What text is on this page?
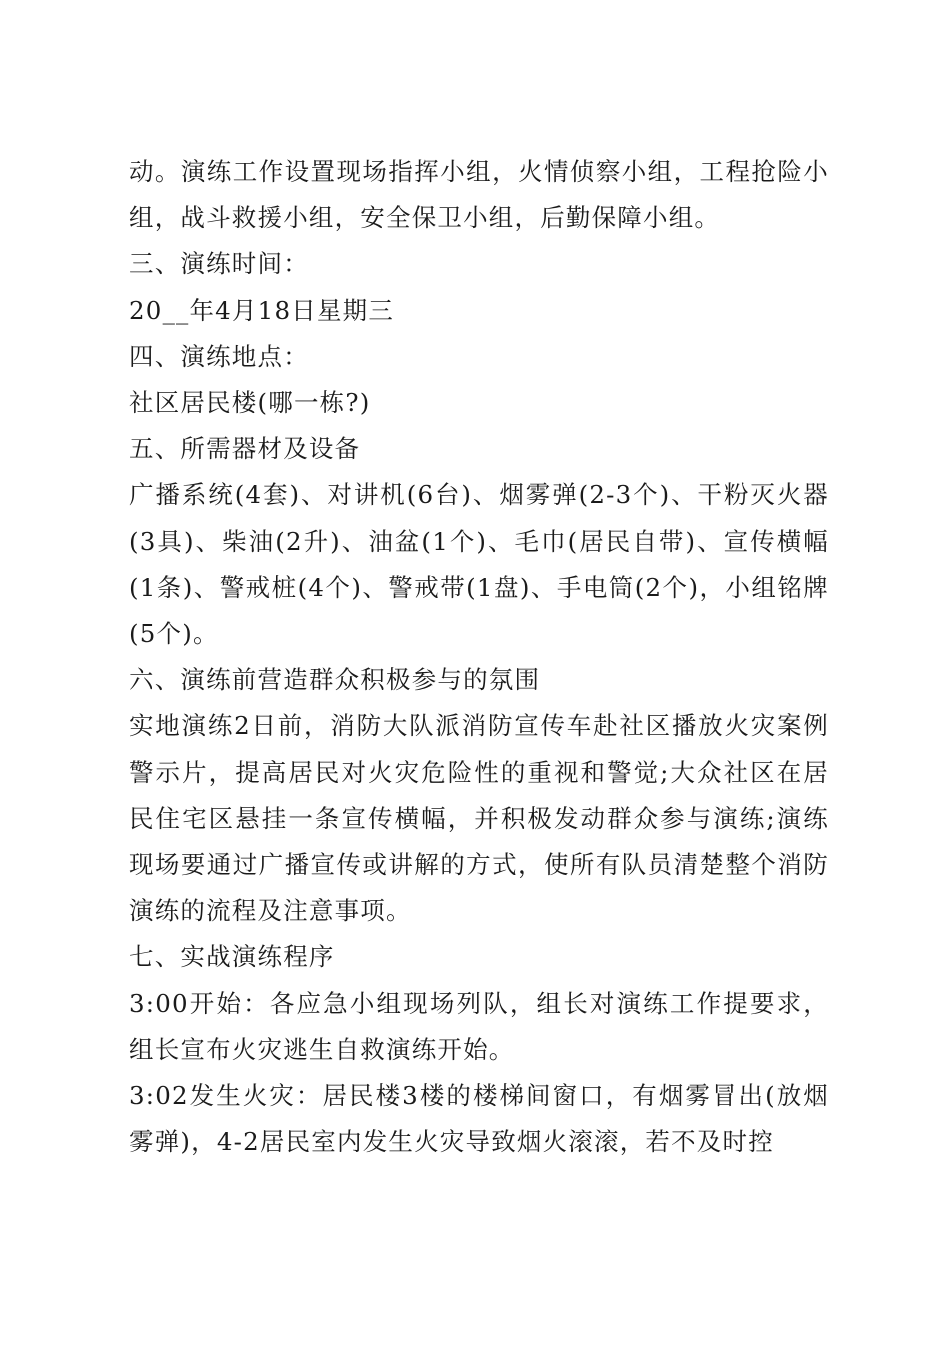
动。演练工作设置现场指挥小组，火情侦察小组，工程抢险小组，战斗救援小组，安全保卫小组，后勤保障小组。

三、演练时间：

20__年4月18日星期三

四、演练地点：

社区居民楼(哪一栋?)

五、所需器材及设备

广播系统(4套)、对讲机(6台)、烟雾弹(2-3个)、干粉灭火器(3具)、柴油(2升)、油盆(1个)、毛巾(居民自带)、宣传横幅(1条)、警戒桩(4个)、警戒带(1盘)、手电筒(2个)，小组铭牌(5个)。

六、演练前营造群众积极参与的氛围

实地演练2日前，消防大队派消防宣传车赴社区播放火灾案例警示片，提高居民对火灾危险性的重视和警觉;大众社区在居民住宅区悬挂一条宣传横幅，并积极发动群众参与演练;演练现场要通过广播宣传或讲解的方式，使所有队员清楚整个消防演练的流程及注意事项。

七、实战演练程序

3:00开始：各应急小组现场列队，组长对演练工作提要求，组长宣布火灾逃生自救演练开始。

3:02发生火灾：居民楼3楼的楼梯间窗口，有烟雾冒出(放烟雾弹)，4-2居民室内发生火灾导致烟火滚滚，若不及时控
